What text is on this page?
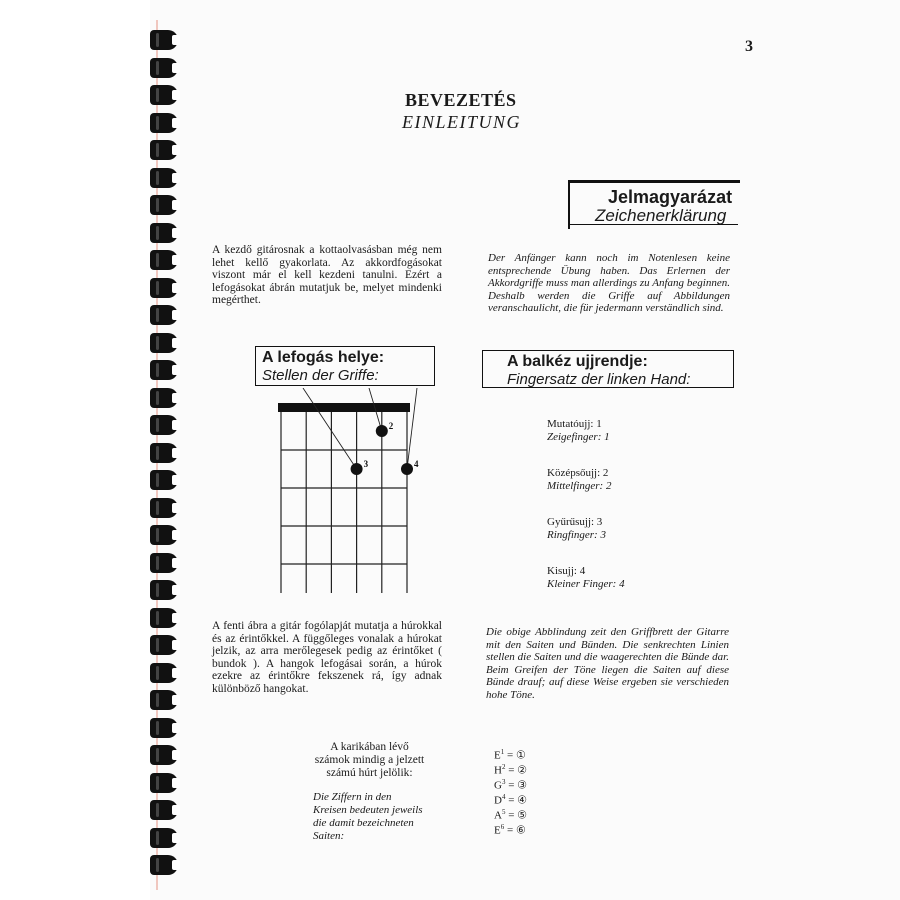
3
BEVEZETÉS
EINLEITUNG
Jelmagyarázat
Zeichenerklärung
A kezdő gitárosnak a kottaolvasásban még nem lehet kellő gyakorlata. Az akkordfogásokat viszont már el kell kezdeni tanulni. Ezért a lefogásokat ábrán mutatjuk be, melyet mindenki megérthet.
Der Anfänger kann noch im Notenlesen keine entsprechende Übung haben. Das Erlernen der Akkordgriffe muss man allerdings zu Anfang beginnen. Deshalb werden die Griffe auf Abbildungen veranschaulicht, die für jedermann verständlich sind.
A lefogás helye:
Stellen der Griffe:
A balkéz ujjrendje:
Fingersatz der linken Hand:
2
3	4
Mutatóujj: 1
Zeigefinger: 1
Középsőujj: 2
Mittelfinger: 2
Gyűrűsujj: 3
Ringfinger: 3
Kisujj: 4
Kleiner Finger: 4
A fenti ábra a gitár fogólapját mutatja a húrokkal és az érintőkkel. A függőleges vonalak a húrokat jelzik, az arra merőlegesek pedig az érintőket ( bundok ). A hangok lefogásai során, a húrok ezekre az érintőkre fekszenek rá, így adnak különböző hangokat.
Die obige Abblindung zeit den Griffbrett der Gitarre mit den Saiten und Bünden. Die senkrechten Linien stellen die Saiten und die waagerechten die Bünde dar. Beim Greifen der Töne liegen die Saiten auf diese Bünde drauf; auf diese Weise ergeben sie verschieden hohe Töne.
A karikában lévő számok mindig a jelzett számú húrt jelölik:
Die Ziffern in den Kreisen bedeuten jeweils die damit bezeichneten Saiten:
$E^1$ = ①
$H^2$ = ②
$G^3$ = ③
$D^4$ = ④
$A^5$ = ⑤
$E^6$ = ⑥
